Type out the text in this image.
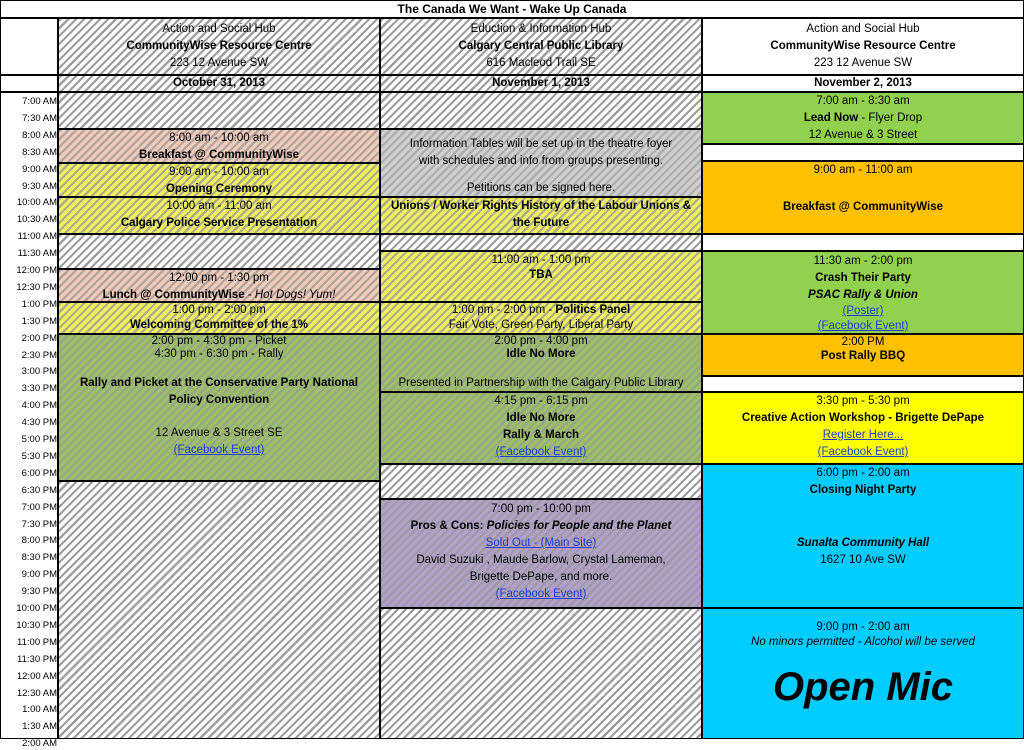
The Canada We Want - Wake Up Canada
Action and Social Hub
CommunityWise Resource Centre
223 12 Avenue SW
Eduction & Information Hub
Calgary Central Public Library
616 Macleod Trail SE
Action and Social Hub
CommunityWise Resource Centre
223 12 Avenue SW
October 31, 2013	November 1, 2013	November 2, 2013
7:00 AM
7:30 AM
8:00 AM
8:30 AM
9:00 AM
9:30 AM
10:00 AM
10:30 AM
11:00 AM
11:30 AM
12:00 PM
12:30 PM
1:00 PM
1:30 PM
2:00 PM
2:30 PM
3:00 PM
3:30 PM
4:00 PM
4:30 PM
5:00 PM
5:30 PM
6:00 PM
6:30 PM
7:00 PM
7:30 PM
8:00 PM
8:30 PM
9:00 PM
9:30 PM
10:00 PM
10:30 PM
11:00 PM
11:30 PM
12:00 AM
12:30 AM
1:00 AM
1:30 AM
2:00 AM
8:00 am - 10:00 am
Breakfast @ CommunityWise
9:00 am - 10:00 am
Opening Ceremony
10:00 am - 11:00 am
Calgary Police Service Presentation
12:00 pm - 1:30 pm
Lunch @ CommunityWise - Hot Dogs! Yum!
1:00 pm - 2:00 pm
Welcoming Committee of the 1%
2:00 pm - 4:30 pm - Picket
4:30 pm - 6:30 pm - Rally
Rally and Picket at the Conservative Party National Policy Convention
12 Avenue & 3 Street SE
(Facebook Event)
Information Tables will be set up in the theatre foyer
with schedules and info from groups presenting.
Petitions can be signed here.
Unions / Worker Rights History of the Labour Unions & the Future
11:00 am - 1:00 pm
TBA
1:00 pm - 2:00 pm - Politics Panel
Fair Vote, Green Party, Liberal Party
2:00 pm - 4:00 pm
Idle No More
Presented in Partnership with the Calgary Public Library
4:15 pm - 6:15 pm
Idle No More
Rally & March
(Facebook Event)
7:00 pm - 10:00 pm
Pros & Cons: Policies for People and the Planet
Sold Out - (Main Site)
David Suzuki , Maude Barlow, Crystal Lameman,
Brigette DePape, and more.
(Facebook Event)
7:00 am - 8:30 am
Lead Now - Flyer Drop
12 Avenue & 3 Street
9:00 am - 11:00 am
Breakfast @ CommunityWise
11:30 am - 2:00 pm
Crash Their Party
PSAC Rally & Union
(Poster)
(Facebook Event)
2:00 PM
Post Rally BBQ
3:30 pm - 5:30 pm
Creative Action Workshop - Brigette DePape
Register Here...
(Facebook Event)
6:00 pm - 2:00 am
Closing Night Party
Sunalta Community Hall
1627 10 Ave SW
9:00 pm - 2:00 am
No minors permitted - Alcohol will be served
Open Mic
